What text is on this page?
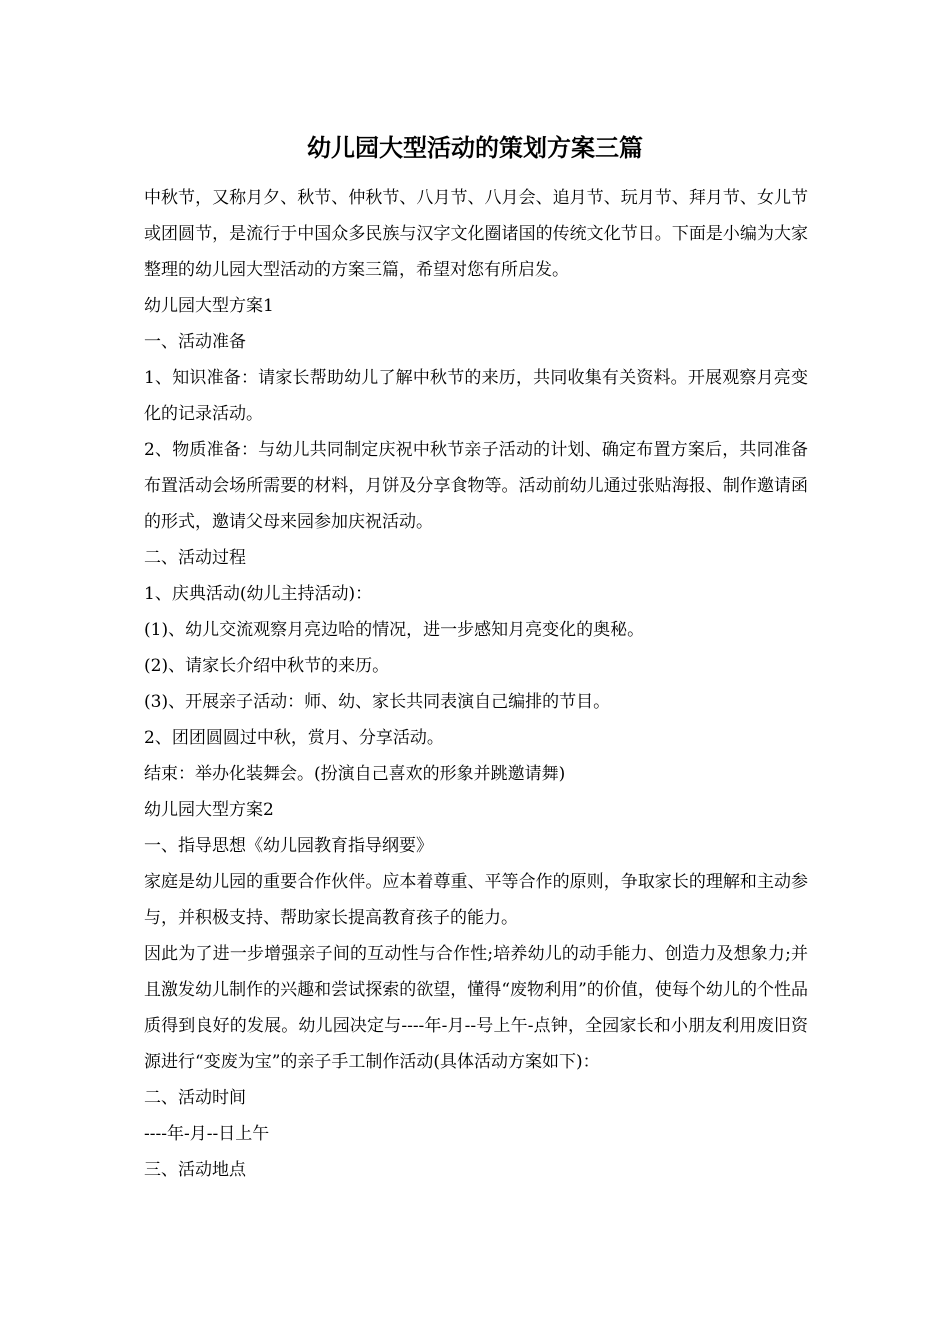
幼儿园大型活动的策划方案三篇

中秋节，又称月夕、秋节、仲秋节、八月节、八月会、追月节、玩月节、拜月节、女儿节或团圆节，是流行于中国众多民族与汉字文化圈诸国的传统文化节日。下面是小编为大家整理的幼儿园大型活动的方案三篇，希望对您有所启发。

幼儿园大型方案1

一、活动准备

1、知识准备：请家长帮助幼儿了解中秋节的来历，共同收集有关资料。开展观察月亮变化的记录活动。

2、物质准备：与幼儿共同制定庆祝中秋节亲子活动的计划、确定布置方案后，共同准备布置活动会场所需要的材料，月饼及分享食物等。活动前幼儿通过张贴海报、制作邀请函的形式，邀请父母来园参加庆祝活动。

二、活动过程

1、庆典活动(幼儿主持活动)：

(1)、幼儿交流观察月亮边哈的情况，进一步感知月亮变化的奥秘。

(2)、请家长介绍中秋节的来历。

(3)、开展亲子活动：师、幼、家长共同表演自己编排的节目。

2、团团圆圆过中秋，赏月、分享活动。

结束：举办化装舞会。(扮演自己喜欢的形象并跳邀请舞)

幼儿园大型方案2

一、指导思想《幼儿园教育指导纲要》

家庭是幼儿园的重要合作伙伴。应本着尊重、平等合作的原则，争取家长的理解和主动参与，并积极支持、帮助家长提高教育孩子的能力。

因此为了进一步增强亲子间的互动性与合作性;培养幼儿的动手能力、创造力及想象力;并且激发幼儿制作的兴趣和尝试探索的欲望，懂得“废物利用”的价值，使每个幼儿的个性品质得到良好的发展。幼儿园决定与----年-月--号上午-点钟，全园家长和小朋友利用废旧资源进行“变废为宝”的亲子手工制作活动(具体活动方案如下)：

二、活动时间

----年-月--日上午

三、活动地点
